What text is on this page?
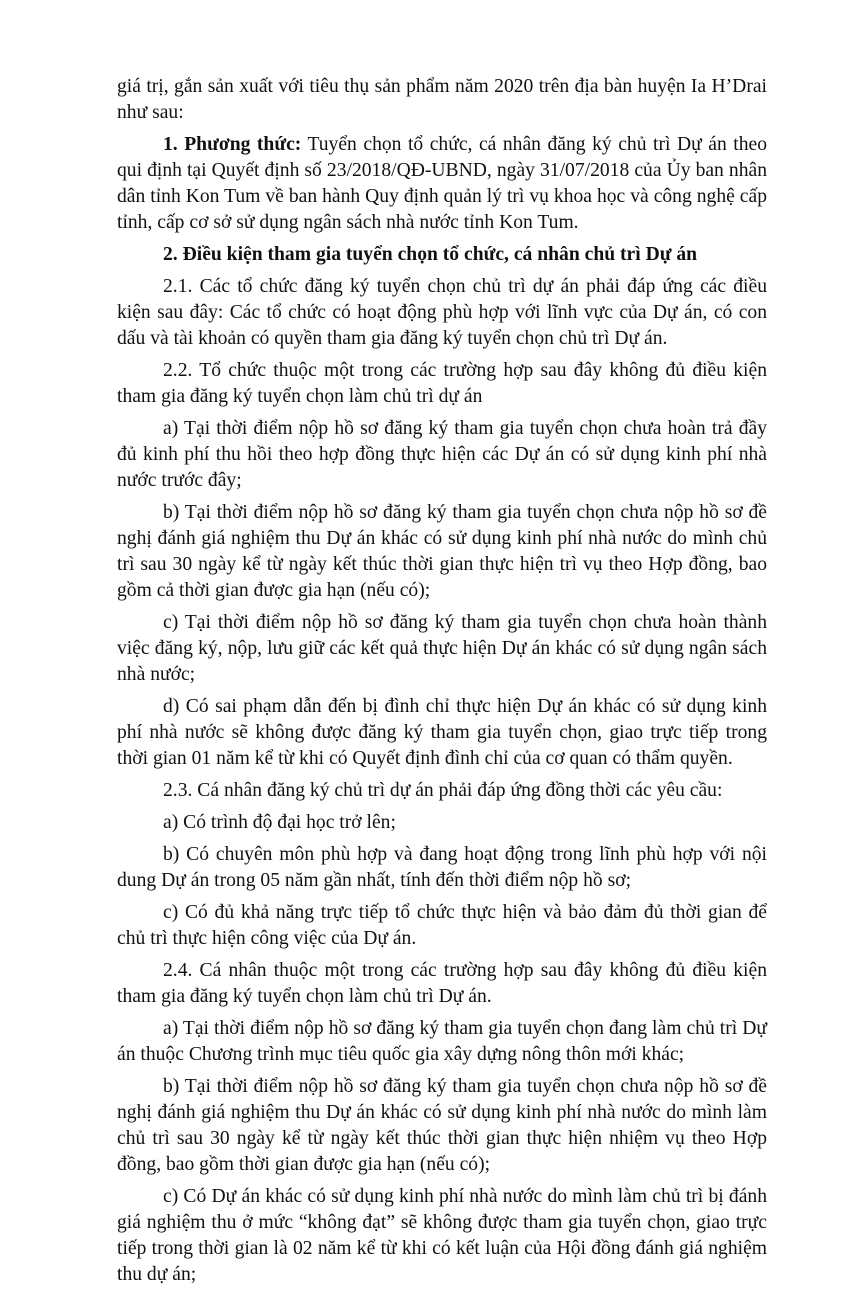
giá trị, gắn sản xuất với tiêu thụ sản phẩm năm 2020 trên địa bàn huyện Ia H’Drai như sau:

1. Phương thức: Tuyển chọn tổ chức, cá nhân đăng ký chủ trì Dự án theo qui định tại Quyết định số 23/2018/QĐ-UBND, ngày 31/07/2018 của Ủy ban nhân dân tỉnh Kon Tum về ban hành Quy định quản lý trì vụ khoa học và công nghệ cấp tỉnh, cấp cơ sở sử dụng ngân sách nhà nước tỉnh Kon Tum.

2. Điều kiện tham gia tuyển chọn tổ chức, cá nhân chủ trì Dự án

2.1. Các tổ chức đăng ký tuyển chọn chủ trì dự án phải đáp ứng các điều kiện sau đây: Các tổ chức có hoạt động phù hợp với lĩnh vực của Dự án, có con dấu và tài khoản có quyền tham gia đăng ký tuyển chọn chủ trì Dự án.

2.2. Tổ chức thuộc một trong các trường hợp sau đây không đủ điều kiện tham gia đăng ký tuyển chọn làm chủ trì dự án

a) Tại thời điểm nộp hồ sơ đăng ký tham gia tuyển chọn chưa hoàn trả đầy đủ kinh phí thu hồi theo hợp đồng thực hiện các Dự án có sử dụng kinh phí nhà nước trước đây;

b) Tại thời điểm nộp hồ sơ đăng ký tham gia tuyển chọn chưa nộp hồ sơ đề nghị đánh giá nghiệm thu Dự án khác có sử dụng kinh phí nhà nước do mình chủ trì sau 30 ngày kể từ ngày kết thúc thời gian thực hiện trì vụ theo Hợp đồng, bao gồm cả thời gian được gia hạn (nếu có);

c) Tại thời điểm nộp hồ sơ đăng ký tham gia tuyển chọn chưa hoàn thành việc đăng ký, nộp, lưu giữ các kết quả thực hiện Dự án khác có sử dụng ngân sách nhà nước;

d) Có sai phạm dẫn đến bị đình chỉ thực hiện Dự án khác có sử dụng kinh phí nhà nước sẽ không được đăng ký tham gia tuyển chọn, giao trực tiếp trong thời gian 01 năm kể từ khi có Quyết định đình chỉ của cơ quan có thẩm quyền.

2.3. Cá nhân đăng ký chủ trì dự án phải đáp ứng đồng thời các yêu cầu:

a) Có trình độ đại học trở lên;

b) Có chuyên môn phù hợp và đang hoạt động trong lĩnh phù hợp với nội dung Dự án trong 05 năm gần nhất, tính đến thời điểm nộp hồ sơ;

c) Có đủ khả năng trực tiếp tổ chức thực hiện và bảo đảm đủ thời gian để chủ trì thực hiện công việc của Dự án.

2.4. Cá nhân thuộc một trong các trường hợp sau đây không đủ điều kiện tham gia đăng ký tuyển chọn làm chủ trì Dự án.

a) Tại thời điểm nộp hồ sơ đăng ký tham gia tuyển chọn đang làm chủ trì Dự án thuộc Chương trình mục tiêu quốc gia xây dựng nông thôn mới khác;

b) Tại thời điểm nộp hồ sơ đăng ký tham gia tuyển chọn chưa nộp hồ sơ đề nghị đánh giá nghiệm thu Dự án khác có sử dụng kinh phí nhà nước do mình làm chủ trì sau 30 ngày kể từ ngày kết thúc thời gian thực hiện nhiệm vụ theo Hợp đồng, bao gồm thời gian được gia hạn (nếu có);

c) Có Dự án khác có sử dụng kinh phí nhà nước do mình làm chủ trì bị đánh giá nghiệm thu ở mức “không đạt” sẽ không được tham gia tuyển chọn, giao trực tiếp trong thời gian là 02 năm kể từ khi có kết luận của Hội đồng đánh giá nghiệm thu dự án;
